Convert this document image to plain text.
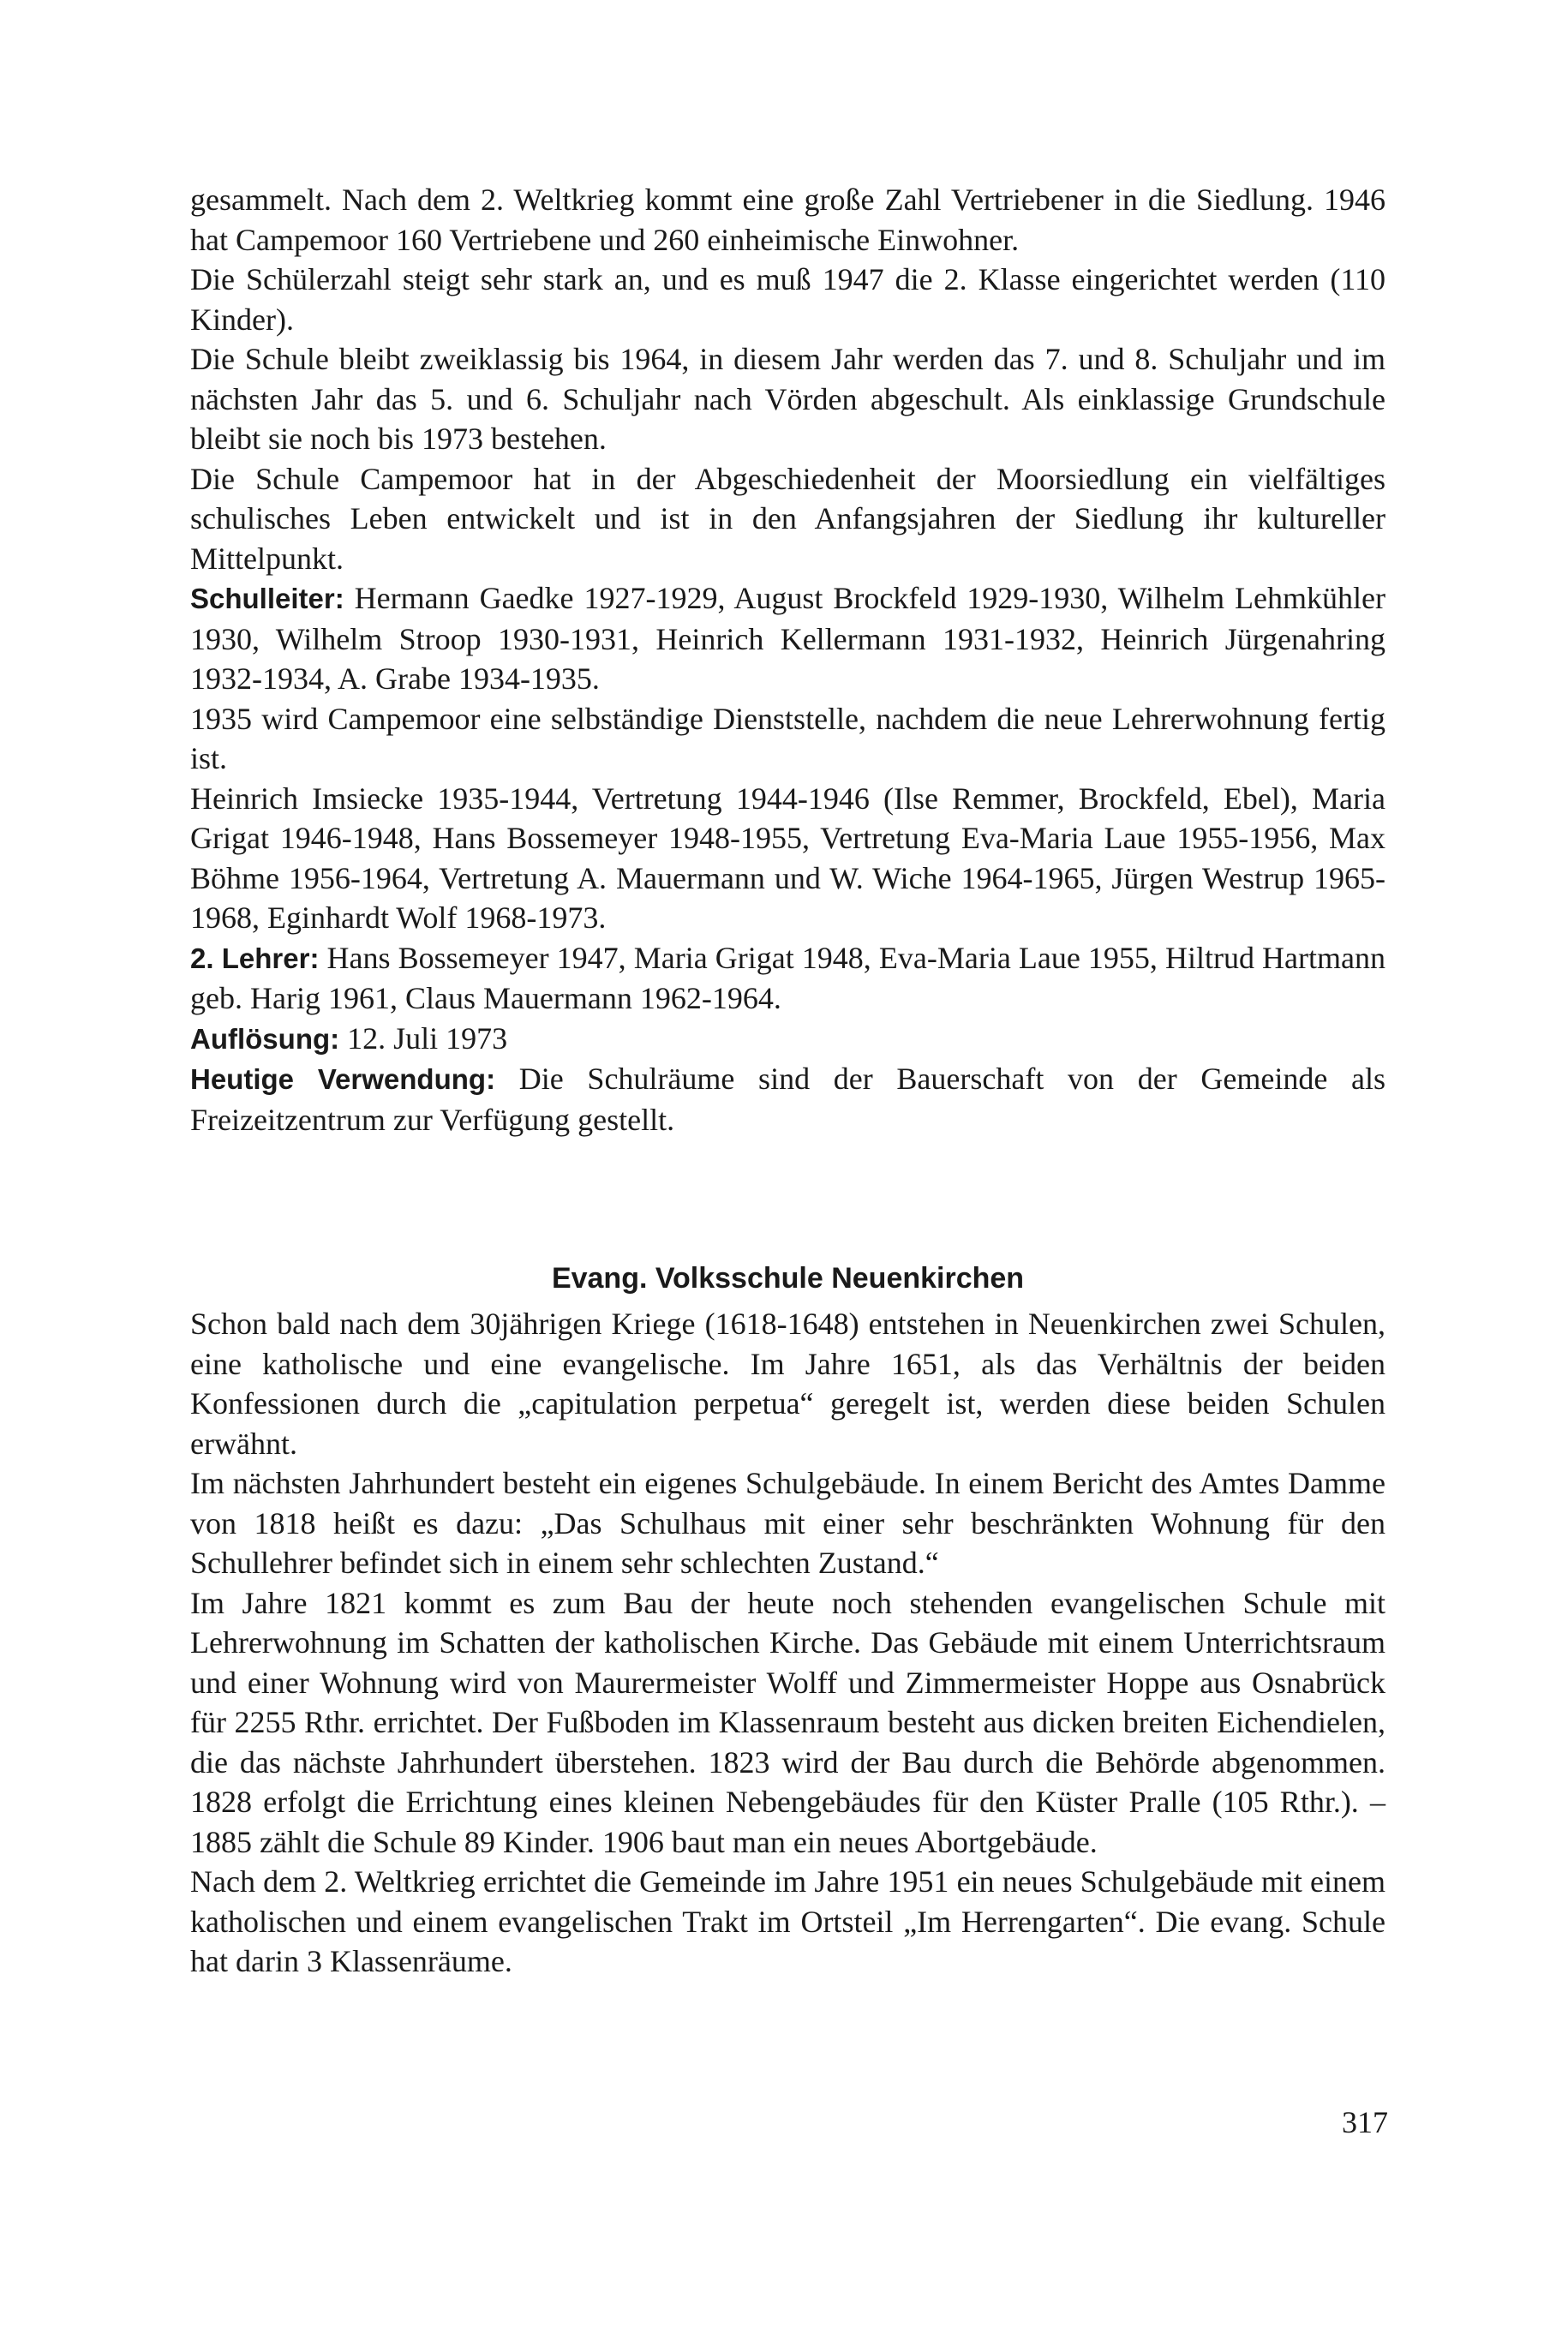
gesammelt. Nach dem 2. Weltkrieg kommt eine große Zahl Vertriebener in die Siedlung. 1946 hat Campemoor 160 Vertriebene und 260 einheimische Einwohner.

Die Schülerzahl steigt sehr stark an, und es muß 1947 die 2. Klasse eingerichtet werden (110 Kinder).

Die Schule bleibt zweiklassig bis 1964, in diesem Jahr werden das 7. und 8. Schuljahr und im nächsten Jahr das 5. und 6. Schuljahr nach Vörden abgeschult. Als einklassige Grundschule bleibt sie noch bis 1973 bestehen.

Die Schule Campemoor hat in der Abgeschiedenheit der Moorsiedlung ein vielfältiges schulisches Leben entwickelt und ist in den Anfangsjahren der Siedlung ihr kultureller Mittelpunkt.

Schulleiter: Hermann Gaedke 1927-1929, August Brockfeld 1929-1930, Wilhelm Lehmkühler 1930, Wilhelm Stroop 1930-1931, Heinrich Kellermann 1931-1932, Heinrich Jürgenahring 1932-1934, A. Grabe 1934-1935.

1935 wird Campemoor eine selbständige Dienststelle, nachdem die neue Lehrerwohnung fertig ist.

Heinrich Imsiecke 1935-1944, Vertretung 1944-1946 (Ilse Remmer, Brockfeld, Ebel), Maria Grigat 1946-1948, Hans Bossemeyer 1948-1955, Vertretung Eva-Maria Laue 1955-1956, Max Böhme 1956-1964, Vertretung A. Mauermann und W. Wiche 1964-1965, Jürgen Westrup 1965-1968, Eginhardt Wolf 1968-1973.

2. Lehrer: Hans Bossemeyer 1947, Maria Grigat 1948, Eva-Maria Laue 1955, Hiltrud Hartmann geb. Harig 1961, Claus Mauermann 1962-1964.

Auflösung: 12. Juli 1973

Heutige Verwendung: Die Schulräume sind der Bauerschaft von der Gemeinde als Freizeitzentrum zur Verfügung gestellt.

Evang. Volksschule Neuenkirchen

Schon bald nach dem 30jährigen Kriege (1618-1648) entstehen in Neuenkirchen zwei Schulen, eine katholische und eine evangelische. Im Jahre 1651, als das Verhältnis der beiden Konfessionen durch die „capitulation perpetua“ geregelt ist, werden diese beiden Schulen erwähnt.

Im nächsten Jahrhundert besteht ein eigenes Schulgebäude. In einem Bericht des Amtes Damme von 1818 heißt es dazu: „Das Schulhaus mit einer sehr beschränkten Wohnung für den Schullehrer befindet sich in einem sehr schlechten Zustand.“

Im Jahre 1821 kommt es zum Bau der heute noch stehenden evangelischen Schule mit Lehrerwohnung im Schatten der katholischen Kirche. Das Gebäude mit einem Unterrichtsraum und einer Wohnung wird von Maurermeister Wolff und Zimmermeister Hoppe aus Osnabrück für 2255 Rthr. errichtet. Der Fußboden im Klassenraum besteht aus dicken breiten Eichendielen, die das nächste Jahrhundert überstehen. 1823 wird der Bau durch die Behörde abgenommen. 1828 erfolgt die Errichtung eines kleinen Nebengebäudes für den Küster Pralle (105 Rthr.). – 1885 zählt die Schule 89 Kinder. 1906 baut man ein neues Abortgebäude.

Nach dem 2. Weltkrieg errichtet die Gemeinde im Jahre 1951 ein neues Schulgebäude mit einem katholischen und einem evangelischen Trakt im Ortsteil „Im Herrengarten“. Die evang. Schule hat darin 3 Klassenräume.

317
